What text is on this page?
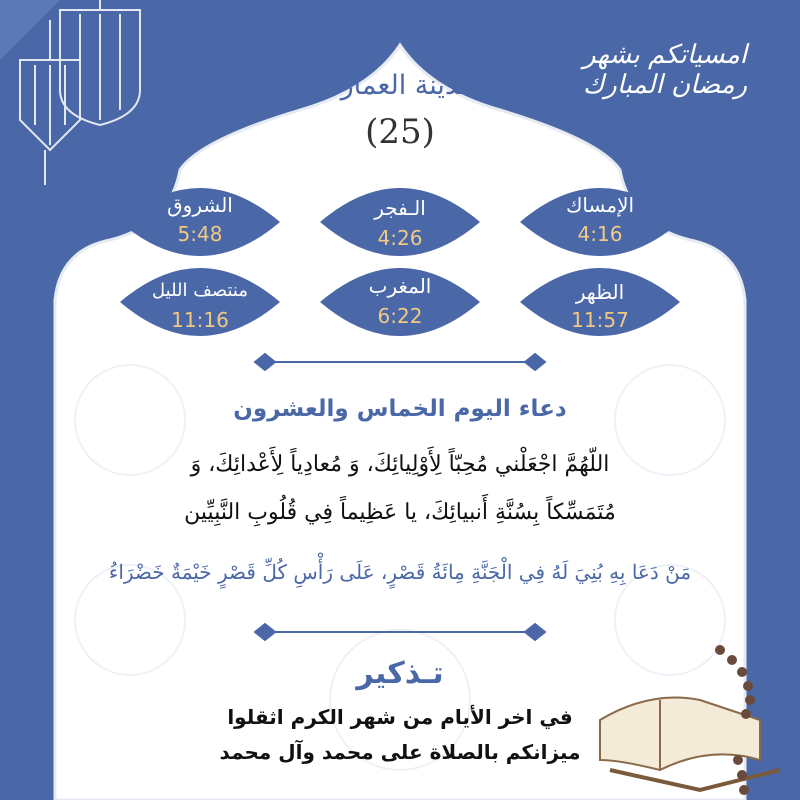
امسياتكم بشهر رمضان المبارك
مدينة العمارة
(25)
الإمساك
4:16
الـفجر
4:26
الشروق
5:48
الظهر
11:57
المغرب
6:22
منتصف الليل
11:16
دعاء اليوم الخماس والعشرون
اللّهُمَّ اجْعَلْني مُحِبّاً لِأَوْلِيائِكَ، وَ مُعادِياً لِأَعْدائِكَ، وَ
مُتَمَسِّكاً بِسُنَّةِ أَنبيائِكَ، يا عَظِيماً فِي قُلُوبِ النَّبِيِّين
مَنْ دَعَا بِهِ بُنِيَ لَهُ فِي الْجَنَّةِ مِائَةُ قَصْرٍ، عَلَى رَأْسِ كُلِّ قَصْرٍ خَيْمَةٌ خَضْرَاءُ
تـذكير
في اخر الأيام من شهر الكرم اثقلوا
ميزانكم بالصلاة على محمد وآل محمد
